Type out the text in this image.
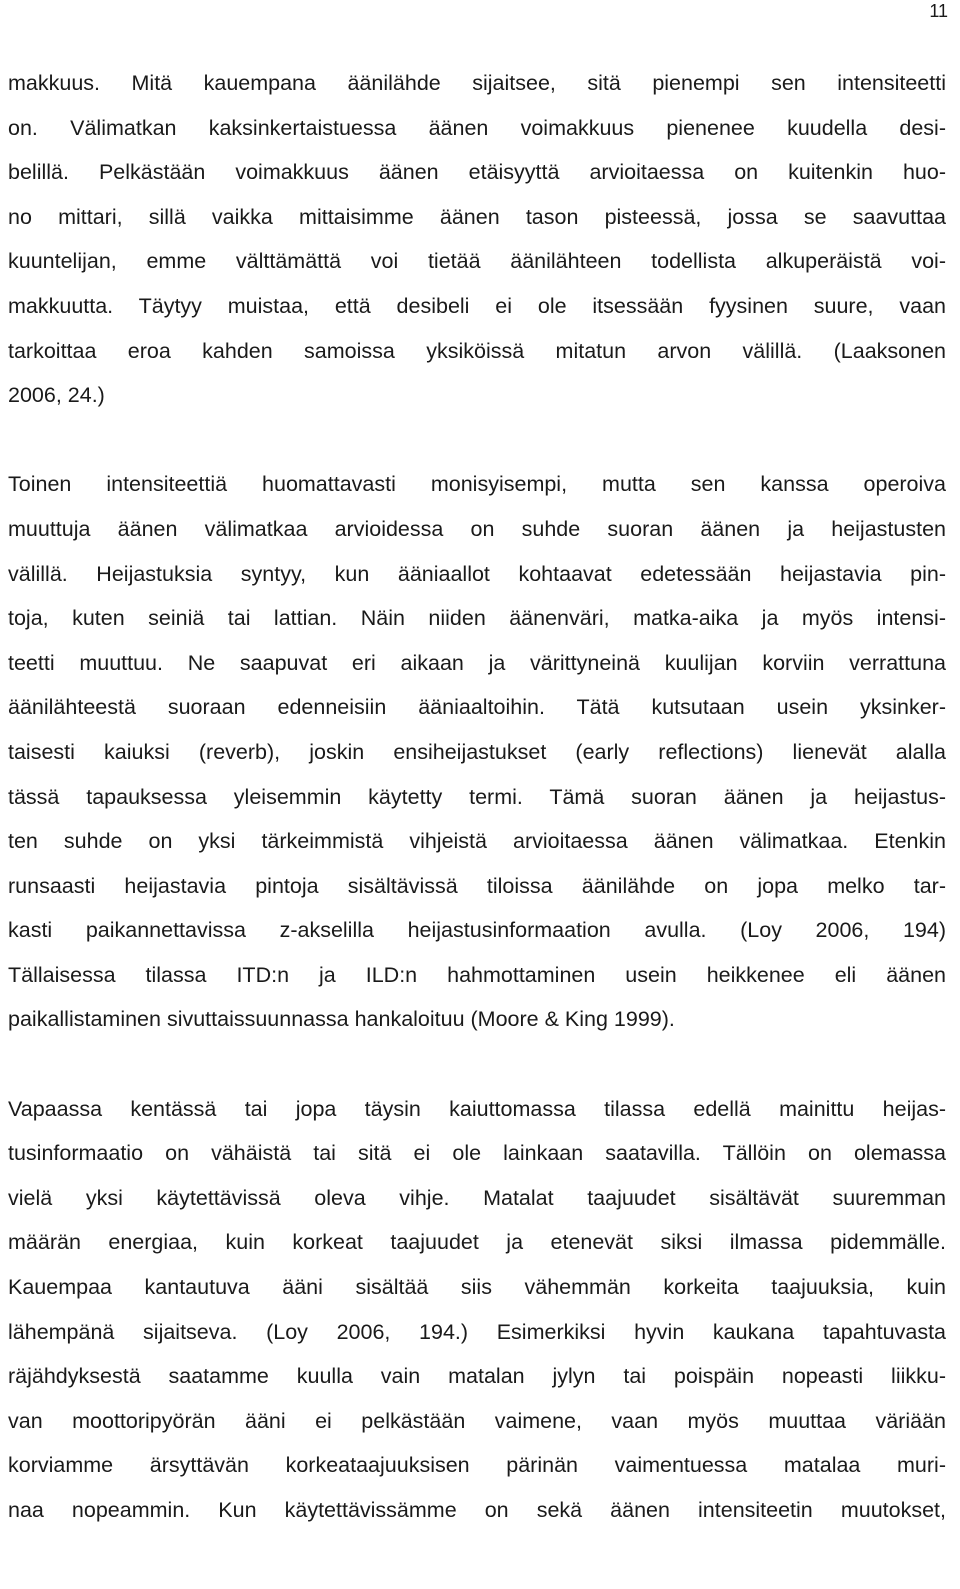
11
makkuus. Mitä kauempana äänilähde sijaitsee, sitä pienempi sen intensiteetti
on. Välimatkan kaksinkertaistuessa äänen voimakkuus pienenee kuudella desi-
belillä. Pelkästään voimakkuus äänen etäisyyttä arvioitaessa on kuitenkin huo-
no mittari, sillä vaikka mittaisimme äänen tason pisteessä, jossa se saavuttaa
kuuntelijan, emme välttämättä voi tietää äänilähteen todellista alkuperäistä voi-
makkuutta. Täytyy muistaa, että desibeli ei ole itsessään fyysinen suure, vaan
tarkoittaa eroa kahden samoissa yksiköissä mitatun arvon välillä. (Laaksonen
2006, 24.)
Toinen intensiteettiä huomattavasti monisyisempi, mutta sen kanssa operoiva
muuttuja äänen välimatkaa arvioidessa on suhde suoran äänen ja heijastusten
välillä. Heijastuksia syntyy, kun ääniaallot kohtaavat edetessään heijastavia pin-
toja, kuten seiniä tai lattian. Näin niiden äänenväri, matka-aika ja myös intensi-
teetti muuttuu. Ne saapuvat eri aikaan ja värittyneinä kuulijan korviin verrattuna
äänilähteestä suoraan edenneisiin ääniaaltoihin. Tätä kutsutaan usein yksinker-
taisesti kaiuksi (reverb), joskin ensiheijastukset (early reflections) lienevät alalla
tässä tapauksessa yleisemmin käytetty termi. Tämä suoran äänen ja heijastus-
ten suhde on yksi tärkeimmistä vihjeistä arvioitaessa äänen välimatkaa. Etenkin
runsaasti heijastavia pintoja sisältävissä tiloissa äänilähde on jopa melko tar-
kasti paikannettavissa z-akselilla heijastusinformaation avulla. (Loy 2006, 194)
Tällaisessa tilassa ITD:n ja ILD:n hahmottaminen usein heikkenee eli äänen
paikallistaminen sivuttaissuunnassa hankaloituu (Moore & King 1999).
Vapaassa kentässä tai jopa täysin kaiuttomassa tilassa edellä mainittu heijas-
tusinformaatio on vähäistä tai sitä ei ole lainkaan saatavilla. Tällöin on olemassa
vielä yksi käytettävissä oleva vihje. Matalat taajuudet sisältävät suuremman
määrän energiaa, kuin korkeat taajuudet ja etenevät siksi ilmassa pidemmälle.
Kauempaa kantautuva ääni sisältää siis vähemmän korkeita taajuuksia, kuin
lähempänä sijaitseva. (Loy 2006, 194.) Esimerkiksi hyvin kaukana tapahtuvasta
räjähdyksestä saatamme kuulla vain matalan jylyn tai poispäin nopeasti liikku-
van moottoripyörän ääni ei pelkästään vaimene, vaan myös muuttaa väriään
korviamme ärsyttävän korkeataajuuksisen pärinän vaimentuessa matalaa muri-
naa nopeammin. Kun käytettävissämme on sekä äänen intensiteetin muutokset,
